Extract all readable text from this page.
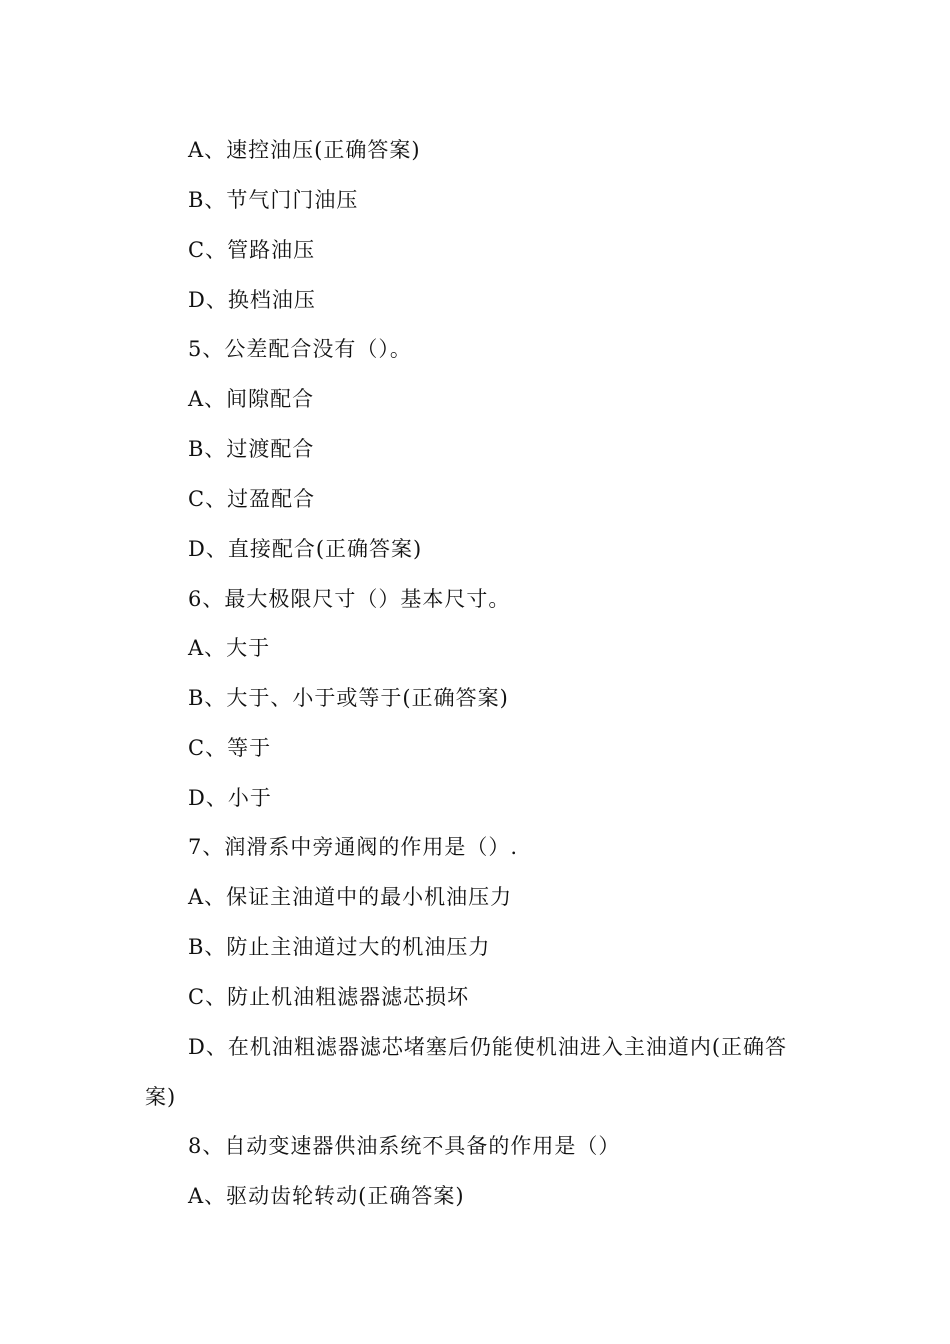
A、速控油压(正确答案)
B、节气门门油压
C、管路油压
D、换档油压
5、公差配合没有（）。
A、间隙配合
B、过渡配合
C、过盈配合
D、直接配合(正确答案)
6、最大极限尺寸（）基本尺寸。
A、大于
B、大于、小于或等于(正确答案)
C、等于
D、小于
7、润滑系中旁通阀的作用是（）.
A、保证主油道中的最小机油压力
B、防止主油道过大的机油压力
C、防止机油粗滤器滤芯损坏
D、在机油粗滤器滤芯堵塞后仍能使机油进入主油道内(正确答
案)
8、自动变速器供油系统不具备的作用是（）
A、驱动齿轮转动(正确答案)
